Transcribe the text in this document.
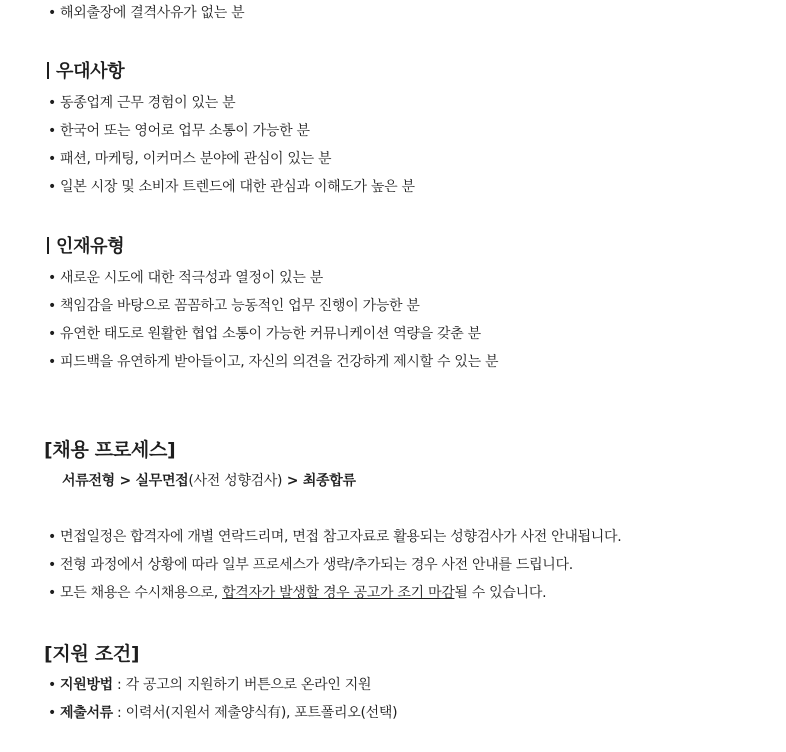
• 해외출장에 결격사유가 없는 분
우대사항
• 동종업계 근무 경험이 있는 분
• 한국어 또는 영어로 업무 소통이 가능한 분
• 패션, 마케팅, 이커머스 분야에 관심이 있는 분
• 일본 시장 및 소비자 트렌드에 대한 관심과 이해도가 높은 분
인재유형
• 새로운 시도에 대한 적극성과 열정이 있는 분
• 책임감을 바탕으로 꼼꼼하고 능동적인 업무 진행이 가능한 분
• 유연한 태도로 원활한 협업 소통이 가능한 커뮤니케이션 역량을 갖춘 분
• 피드백을 유연하게 받아들이고, 자신의 의견을 건강하게 제시할 수 있는 분
[채용 프로세스]
서류전형 > 실무면접(사전 성향검사) > 최종합류
• 면접일정은 합격자에 개별 연락드리며, 면접 참고자료로 활용되는 성향검사가 사전 안내됩니다.
• 전형 과정에서 상황에 따라 일부 프로세스가 생략/추가되는 경우 사전 안내를 드립니다.
• 모든 채용은 수시채용으로, 합격자가 발생할 경우 공고가 조기 마감될 수 있습니다.
[지원 조건]
• 지원방법 : 각 공고의 지원하기 버튼으로 온라인 지원
• 제출서류 : 이력서(지원서 제출양식有), 포트폴리오(선택)
